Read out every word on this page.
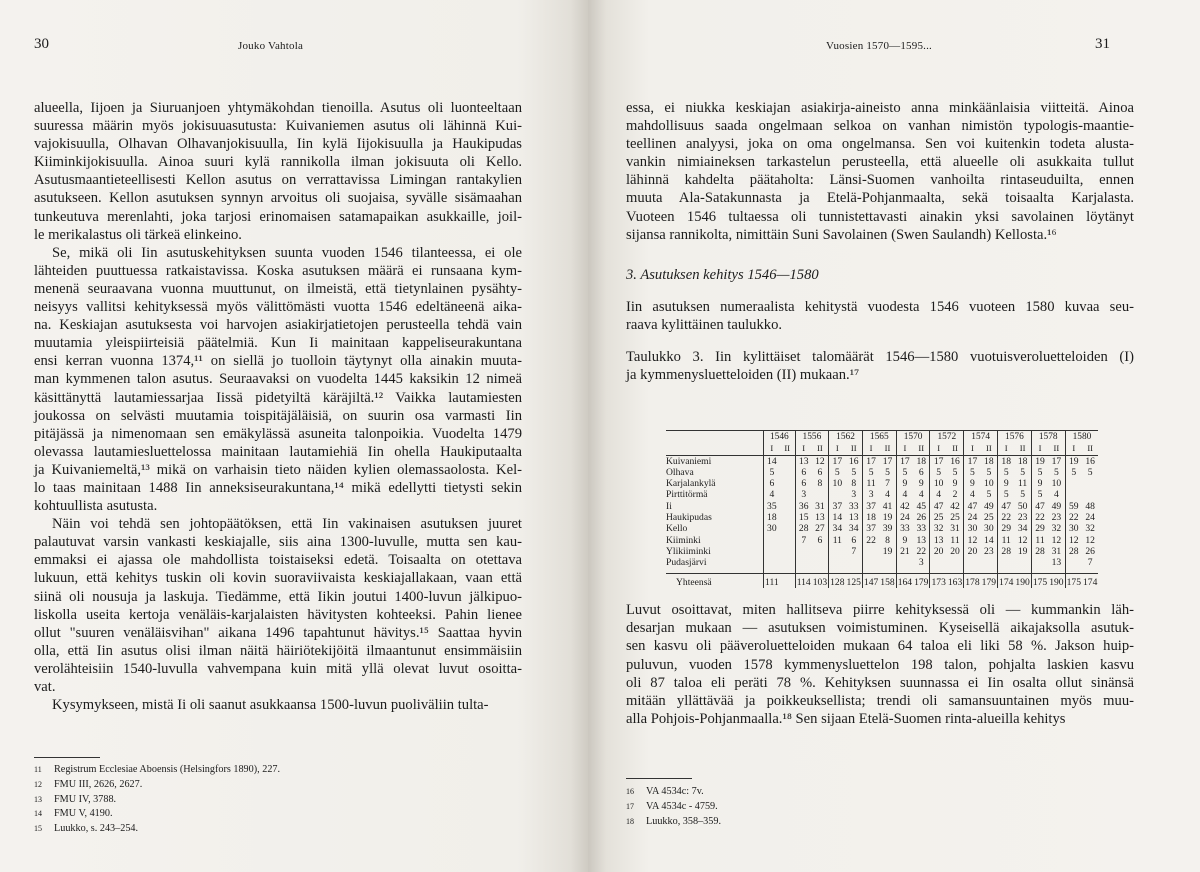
30	Jouko Vahtola
alueella, Iijoen ja Siuruanjoen yhtymäkohdan tienoilla. Asutus oli luonteeltaan
suuressa määrin myös jokisuuasutusta: Kuivaniemen asutus oli lähinnä Kui-
vajokisuulla, Olhavan Olhavanjokisuulla, Iin kylä Iijokisuulla ja Haukipudas
Kiiminkijokisuulla. Ainoa suuri kylä rannikolla ilman jokisuuta oli Kello.
Asutusmaantieteellisesti Kellon asutus on verrattavissa Limingan rantakylien
asutukseen. Kellon asutuksen synnyn arvoitus oli suojaisa, syvälle sisämaahan
tunkeutuva merenlahti, joka tarjosi erinomaisen satamapaikan asukkaille, joil-
le merikalastus oli tärkeä elinkeino.
Se, mikä oli Iin asutuskehityksen suunta vuoden 1546 tilanteessa, ei ole
lähteiden puuttuessa ratkaistavissa. Koska asutuksen määrä ei runsaana kym-
menenä seuraavana vuonna muuttunut, on ilmeistä, että tietynlainen pysähty-
neisyys vallitsi kehityksessä myös välittömästi vuotta 1546 edeltäneenä aika-
na. Keskiajan asutuksesta voi harvojen asiakirjatietojen perusteella tehdä vain
muutamia yleispiirteisiä päätelmiä. Kun Ii mainitaan kappeliseurakuntana
ensi kerran vuonna 1374,¹¹ on siellä jo tuolloin täytynyt olla ainakin muuta-
man kymmenen talon asutus. Seuraavaksi on vuodelta 1445 kaksikin 12 nimeä
käsittänyttä lautamiessarjaa Iissä pidetyiltä käräjiltä.¹² Vaikka lautamiesten
joukossa on selvästi muutamia toispitäjäläisiä, on suurin osa varmasti Iin
pitäjässä ja nimenomaan sen emäkylässä asuneita talonpoikia. Vuodelta 1479
olevassa lautamiesluettelossa mainitaan lautamiehiä Iin ohella Haukiputaalta
ja Kuivaniemeltä,¹³ mikä on varhaisin tieto näiden kylien olemassaolosta. Kel-
lo taas mainitaan 1488 Iin anneksiseurakuntana,¹⁴ mikä edellytti tietysti sekin
kohtuullista asutusta.
Näin voi tehdä sen johtopäätöksen, että Iin vakinaisen asutuksen juuret
palautuvat varsin vankasti keskiajalle, siis aina 1300-luvulle, mutta sen kau-
emmaksi ei ajassa ole mahdollista toistaiseksi edetä. Toisaalta on otettava
lukuun, että kehitys tuskin oli kovin suoraviivaista keskiajallakaan, vaan että
siinä oli nousuja ja laskuja. Tiedämme, että Iikin joutui 1400-luvun jälkipuo-
liskolla useita kertoja venäläis-karjalaisten hävitysten kohteeksi. Pahin lienee
ollut "suuren venäläisvihan" aikana 1496 tapahtunut hävitys.¹⁵ Saattaa hyvin
olla, että Iin asutus olisi ilman näitä häiriötekijöitä ilmaantunut ensimmäisiin
verolähteisiin 1540-luvulla vahvempana kuin mitä yllä olevat luvut osoitta-
vat.
Kysymykseen, mistä Ii oli saanut asukkaansa 1500-luvun puoliväliin tulta-
11	Registrum Ecclesiae Aboensis (Helsingfors 1890), 227.
12	FMU III, 2626, 2627.
13	FMU IV, 3788.
14	FMU V, 4190.
15	Luukko, s. 243–254.
Vuosien 1570—1595...	31
essa, ei niukka keskiajan asiakirja-aineisto anna minkäänlaisia viitteitä. Ainoa
mahdollisuus saada ongelmaan selkoa on vanhan nimistön typologis-maantie-
teellinen analyysi, joka on oma ongelmansa. Sen voi kuitenkin todeta alusta-
vankin nimiaineksen tarkastelun perusteella, että alueelle oli asukkaita tullut
lähinnä kahdelta päätaholta: Länsi-Suomen vanhoilta rintaseuduilta, ennen
muuta Ala-Satakunnasta ja Etelä-Pohjanmaalta, sekä toisaalta Karjalasta.
Vuoteen 1546 tultaessa oli tunnistettavasti ainakin yksi savolainen löytänyt
sijansa rannikolta, nimittäin Suni Savolainen (Swen Saulandh) Kellosta.¹⁶

3. Asutuksen kehitys 1546—1580

Iin asutuksen numeraalista kehitystä vuodesta 1546 vuoteen 1580 kuvaa seu-
raava kylittäinen taulukko.
Taulukko 3. Iin kylittäiset talomäärät 1546—1580 vuotuisveroluetteloiden (I)
ja kymmenysluetteloiden (II) mukaan.¹⁷
Luvut osoittavat, miten hallitseva piirre kehityksessä oli — kummankin läh-
desarjan mukaan — asutuksen voimistuminen. Kyseisellä aikajaksolla asutuk-
sen kasvu oli pääveroluetteloiden mukaan 64 taloa eli liki 58 %. Jakson huip-
puluvun, vuoden 1578 kymmenysluettelon 198 talon, pohjalta laskien kasvu
oli 87 taloa eli peräti 78 %. Kehityksen suunnassa ei Iin osalta ollut sinänsä
mitään yllättävää ja poikkeuksellista; trendi oli samansuuntainen myös muu-
alla Pohjois-Pohjanmaalla.¹⁸ Sen sijaan Etelä-Suomen rinta-alueilla kehitys
16	VA 4534c: 7v.
17	VA 4534c - 4759.
18	Luukko, 358–359.
	1546		1556		1562		1565		1570		1572		1574		1576		1578		1580	
	I	II	I	II	I	II	I	II	I	II	I	II	I	II	I	II	I	II	I	II
Kuivaniemi	14		13	12	17	16	17	17	17	18	17	16	17	18	18	18	19	17	19	16
Olhava	5		6	6	5	5	5	5	5	6	5	5	5	5	5	5	5	5	5	5
Karjalankylä	6		6	8	10	8	11	7	9	9	10	9	9	10	9	11	9	10		
Pirttitörmä	4		3			3	3	4	4	4	4	2	4	5	5	5	5	4		
Ii	35		36	31	37	33	37	41	42	45	47	42	47	49	47	50	47	49	59	48
Haukipudas	18		15	13	14	13	18	19	24	26	25	25	24	25	22	23	22	23	22	24
Kello	30		28	27	34	34	37	39	33	33	32	31	30	30	29	34	29	32	30	32
Kiiminki			7	6	11	6	22	8	9	13	13	11	12	14	11	12	11	12	12	12
Ylikiiminki						7		19	21	22	20	20	20	23	28	19	28	31	28	26
Pudasjärvi										3								13		7

Yhteensä	111		114	103	128	125	147	158	164	179	173	163	178	179	174	190	175	190	175	174
